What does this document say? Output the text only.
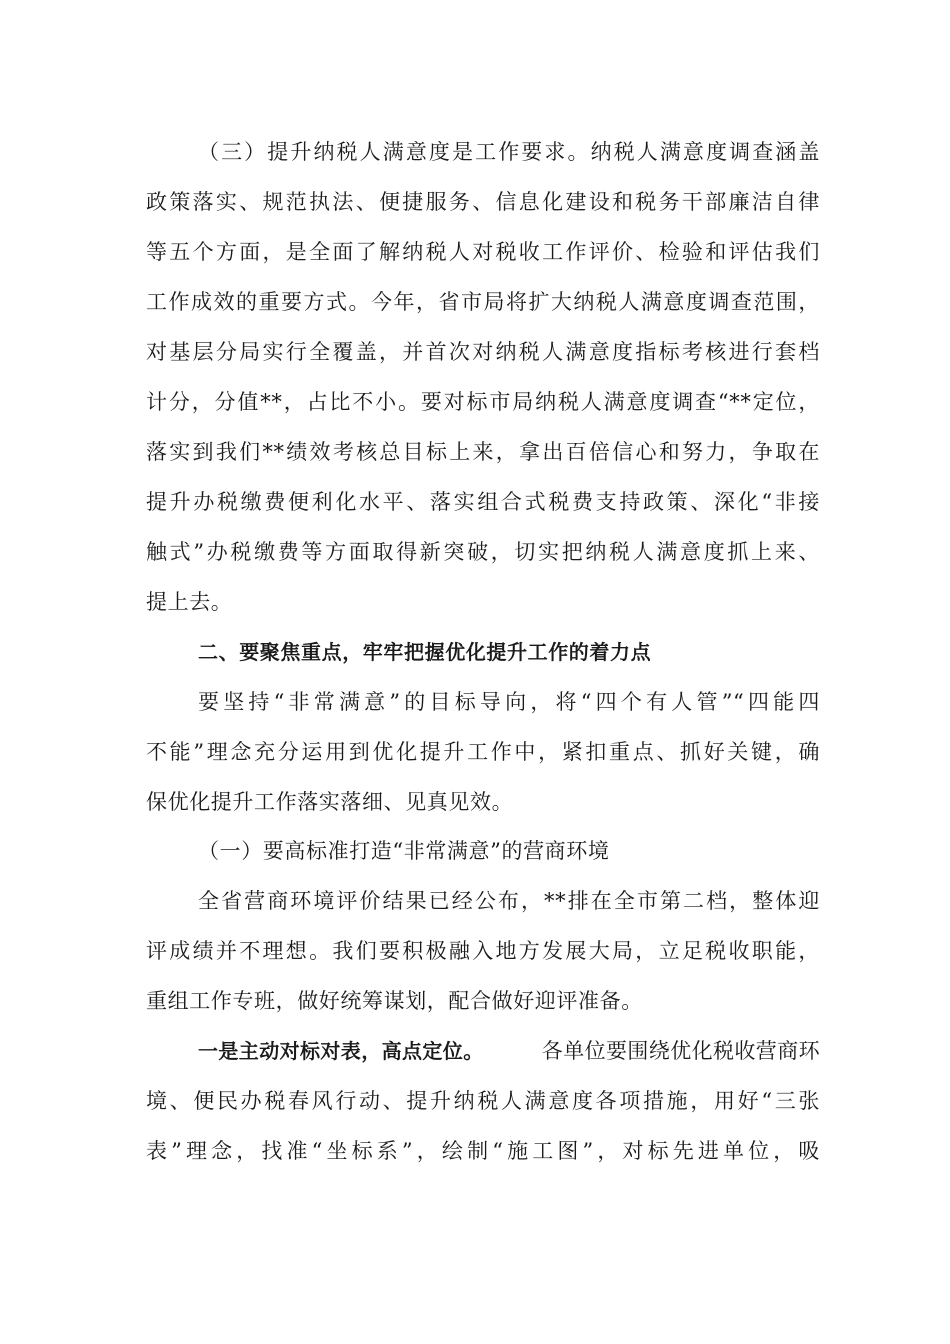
（三）提升纳税人满意度是工作要求。纳税人满意度调查涵盖
政策落实、规范执法、便捷服务、信息化建设和税务干部廉洁自律
等五个方面，是全面了解纳税人对税收工作评价、检验和评估我们
工作成效的重要方式。今年，省市局将扩大纳税人满意度调查范围，
对基层分局实行全覆盖，并首次对纳税人满意度指标考核进行套档
计分，分值**，占比不小。要对标市局纳税人满意度调查“**定位，
落实到我们**绩效考核总目标上来，拿出百倍信心和努力，争取在
提升办税缴费便利化水平、落实组合式税费支持政策、深化“非接
触式”办税缴费等方面取得新突破，切实把纳税人满意度抓上来、
提上去。
二、要聚焦重点，牢牢把握优化提升工作的着力点
要坚持“非常满意”的目标导向，将“四个有人管”“四能四
不能”理念充分运用到优化提升工作中，紧扣重点、抓好关键，确
保优化提升工作落实落细、见真见效。
（一）要高标准打造“非常满意”的营商环境
全省营商环境评价结果已经公布，**排在全市第二档，整体迎
评成绩并不理想。我们要积极融入地方发展大局，立足税收职能，
重组工作专班，做好统筹谋划，配合做好迎评准备。
一是主动对标对表，高点定位。	各单位要围绕优化税收营商环
境、便民办税春风行动、提升纳税人满意度各项措施，用好“三张
表”理念，找准“坐标系”，绘制“施工图”，对标先进单位，吸
